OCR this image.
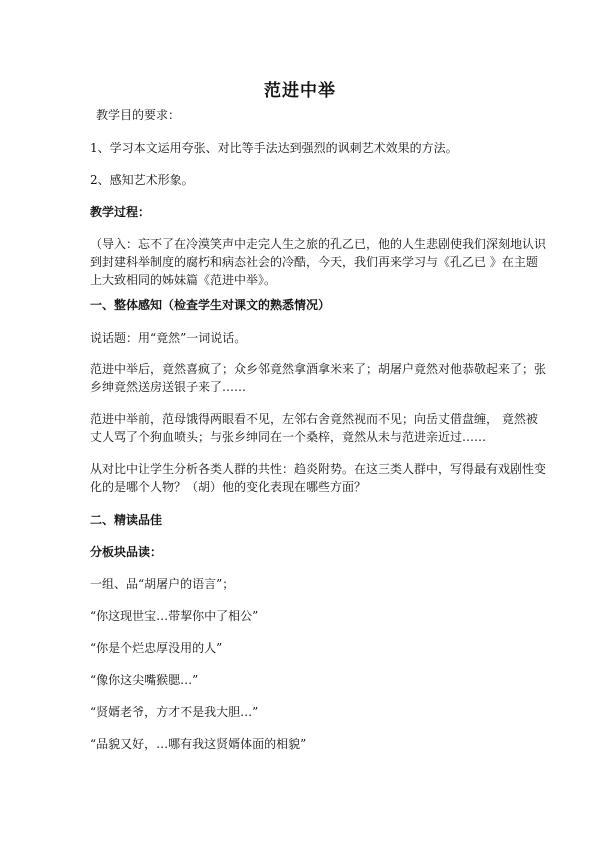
范进中举
教学目的要求：
1、学习本文运用夸张、对比等手法达到强烈的讽刺艺术效果的方法。
2、感知艺术形象。
教学过程：
（导入：忘不了在冷漠笑声中走完人生之旅的孔乙已，他的人生悲剧使我们深刻地认识
到封建科举制度的腐朽和病态社会的冷酷，今天，我们再来学习与《孔乙已 》在主题
上大致相同的姊妹篇《范进中举》。
一、整体感知（检查学生对课文的熟悉情况）
说话题：用“竟然”一词说话。
范进中举后，竟然喜疯了；众乡邻竟然拿酒拿米来了；胡屠户竟然对他恭敬起来了；张
乡绅竟然送房送银子来了……
范进中举前，范母饿得两眼看不见，左邻右舍竟然视而不见；向岳丈借盘缠， 竟然被
丈人骂了个狗血喷头；与张乡绅同在一个桑梓，竟然从未与范进亲近过……
从对比中让学生分析各类人群的共性：趋炎附势。在这三类人群中，写得最有戏剧性变
化的是哪个人物？（胡）他的变化表现在哪些方面？
二、精读品佳
分板块品读：
一组、品“胡屠户的语言”；
“你这现世宝…带挈你中了相公”
“你是个烂忠厚没用的人”
“像你这尖嘴猴腮…”
“贤婿老爷，方才不是我大胆…”
“品貌又好，…哪有我这贤婿体面的相貌”
